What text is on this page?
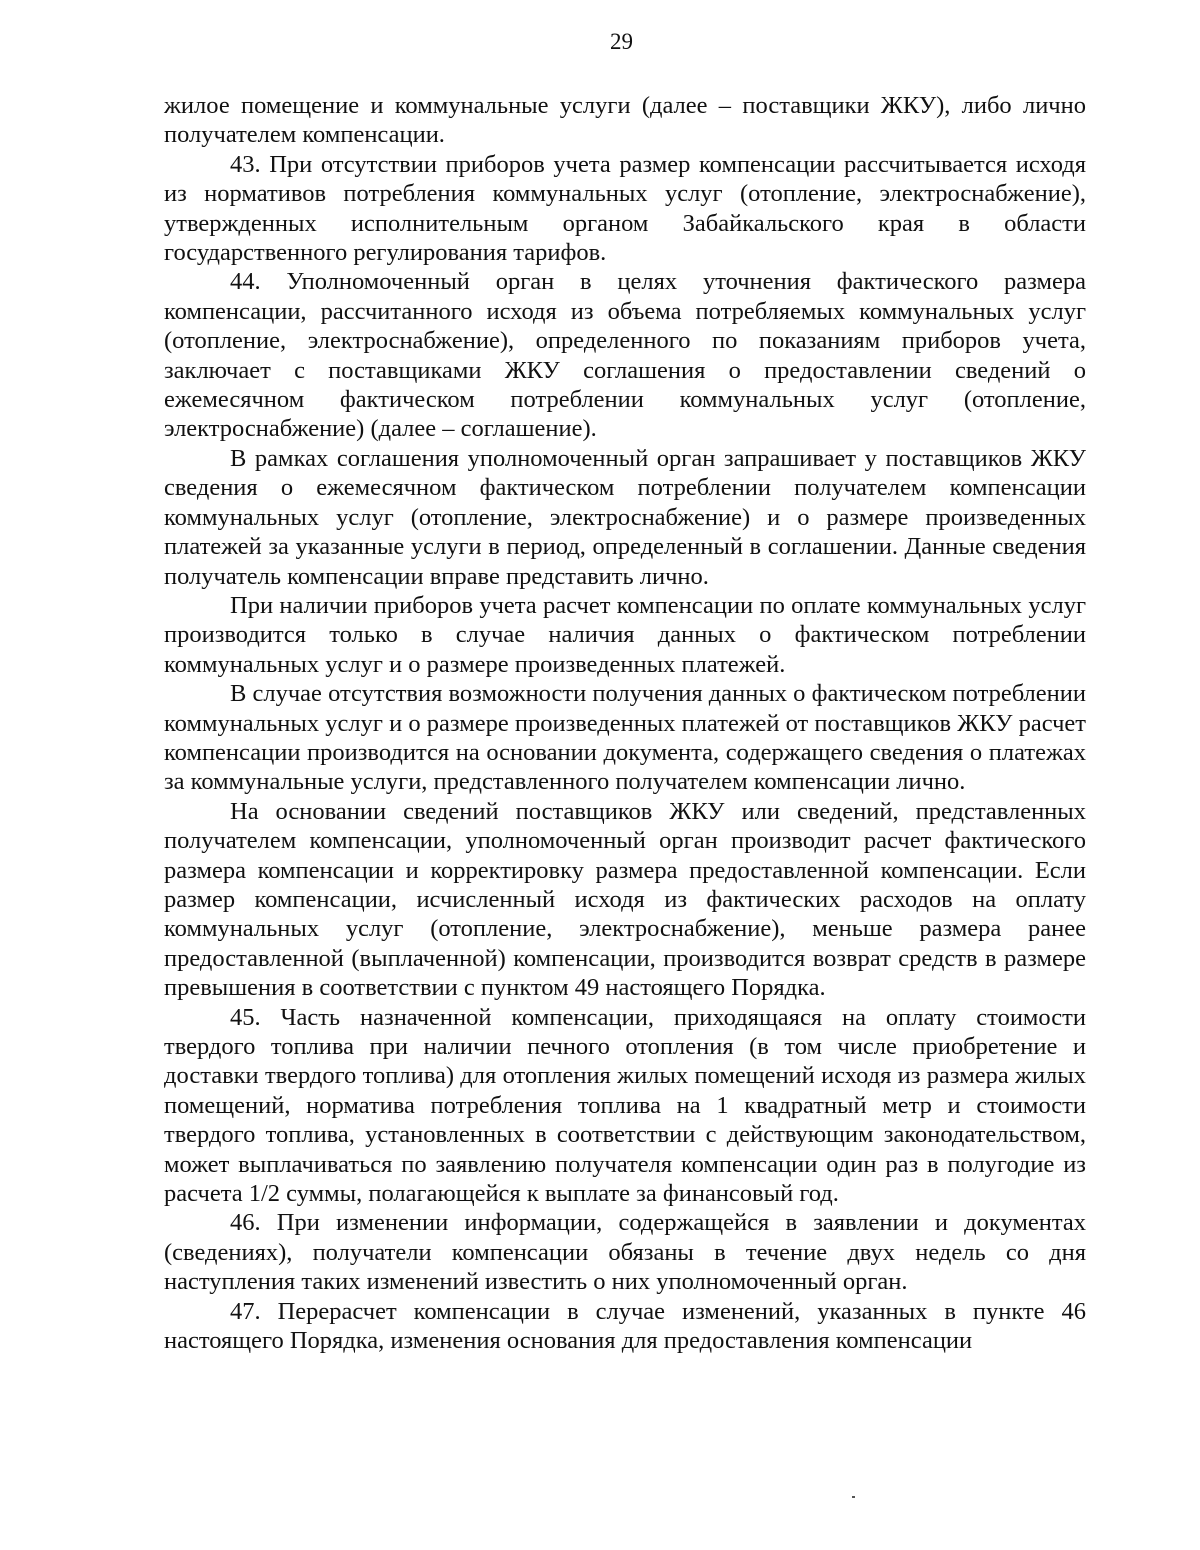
29

жилое помещение и коммунальные услуги (далее – поставщики ЖКУ), либо лично получателем компенсации.

43. При отсутствии приборов учета размер компенсации рассчитывается исходя из нормативов потребления коммунальных услуг (отопление, электроснабжение), утвержденных исполнительным органом Забайкальского края в области государственного регулирования тарифов.

44. Уполномоченный орган в целях уточнения фактического размера компенсации, рассчитанного исходя из объема потребляемых коммунальных услуг (отопление, электроснабжение), определенного по показаниям приборов учета, заключает с поставщиками ЖКУ соглашения о предоставлении сведений о ежемесячном фактическом потреблении коммунальных услуг (отопление, электроснабжение) (далее – соглашение).

В рамках соглашения уполномоченный орган запрашивает у поставщиков ЖКУ сведения о ежемесячном фактическом потреблении получателем компенсации коммунальных услуг (отопление, электроснабжение) и о размере произведенных платежей за указанные услуги в период, определенный в соглашении. Данные сведения получатель компенсации вправе представить лично.

При наличии приборов учета расчет компенсации по оплате коммунальных услуг производится только в случае наличия данных о фактическом потреблении коммунальных услуг и о размере произведенных платежей.

В случае отсутствия возможности получения данных о фактическом потреблении коммунальных услуг и о размере произведенных платежей от поставщиков ЖКУ расчет компенсации производится на основании документа, содержащего сведения о платежах за коммунальные услуги, представленного получателем компенсации лично.

На основании сведений поставщиков ЖКУ или сведений, представленных получателем компенсации, уполномоченный орган производит расчет фактического размера компенсации и корректировку размера предоставленной компенсации. Если размер компенсации, исчисленный исходя из фактических расходов на оплату коммунальных услуг (отопление, электроснабжение), меньше размера ранее предоставленной (выплаченной) компенсации, производится возврат средств в размере превышения в соответствии с пунктом 49 настоящего Порядка.

45. Часть назначенной компенсации, приходящаяся на оплату стоимости твердого топлива при наличии печного отопления (в том числе приобретение и доставки твердого топлива) для отопления жилых помещений исходя из размера жилых помещений, норматива потребления топлива на 1 квадратный метр и стоимости твердого топлива, установленных в соответствии с действующим законодательством, может выплачиваться по заявлению получателя компенсации один раз в полугодие из расчета 1/2 суммы, полагающейся к выплате за финансовый год.

46. При изменении информации, содержащейся в заявлении и документах (сведениях), получатели компенсации обязаны в течение двух недель со дня наступления таких изменений известить о них уполномоченный орган.

47. Перерасчет компенсации в случае изменений, указанных в пункте 46 настоящего Порядка, изменения основания для предоставления компенсации
